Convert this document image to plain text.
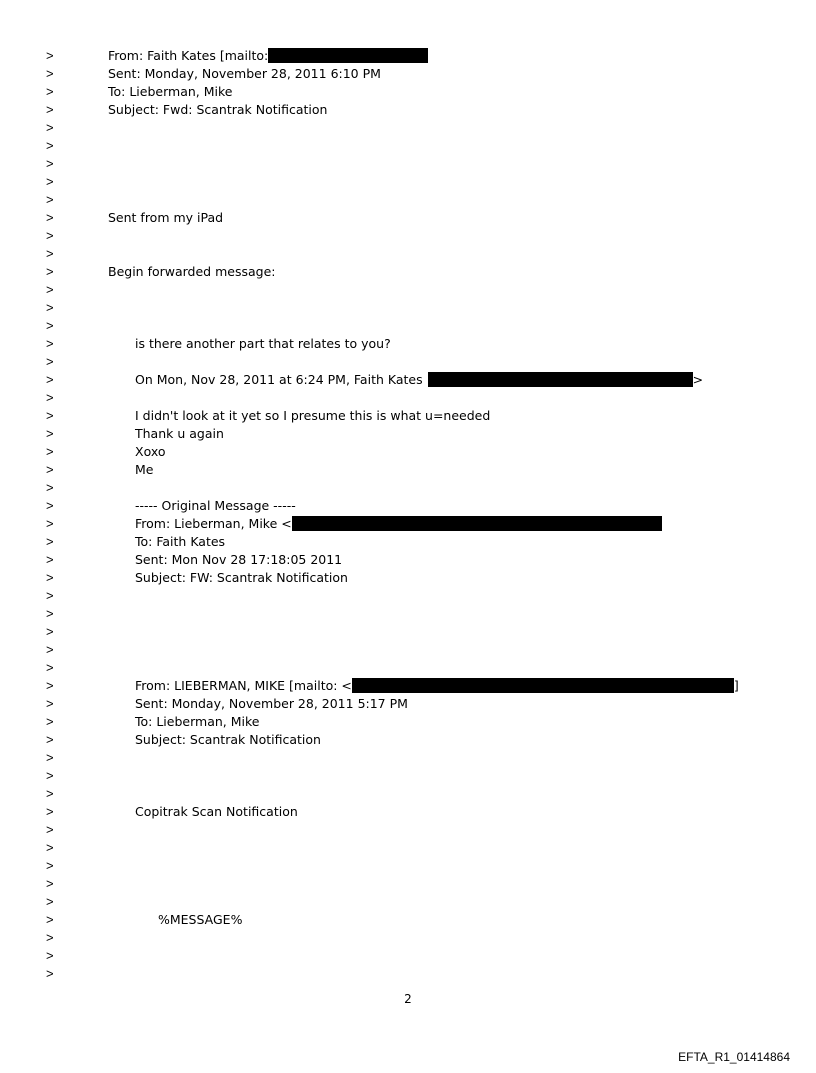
>
>
>
>
>
>
>
>
>
>
>
>
>
>
>
>
>
>
>
>
>
>
>
>
>
>
>
>
>
>
>
>
>
>
>
>
>
>
>
>
>
>
>
>
>
>
>
>
>
>
>
>
From: Faith Kates [mailto:
Sent: Monday, November 28, 2011 6:10 PM
To: Lieberman, Mike
Subject: Fwd: Scantrak Notification
Sent from my iPad
Begin forwarded message:
is there another part that relates to you?
On Mon, Nov 28, 2011 at 6:24 PM, Faith Kates	>
I didn't look at it yet so I presume this is what u=needed
Thank u again
Xoxo
Me
----- Original Message -----
From: Lieberman, Mike <
To: Faith Kates
Sent: Mon Nov 28 17:18:05 2011
Subject: FW: Scantrak Notification
From: LIEBERMAN, MIKE [mailto: <	]
Sent: Monday, November 28, 2011 5:17 PM
To: Lieberman, Mike
Subject: Scantrak Notification
Copitrak Scan Notification
%MESSAGE%
2
EFTA_R1_01414864
